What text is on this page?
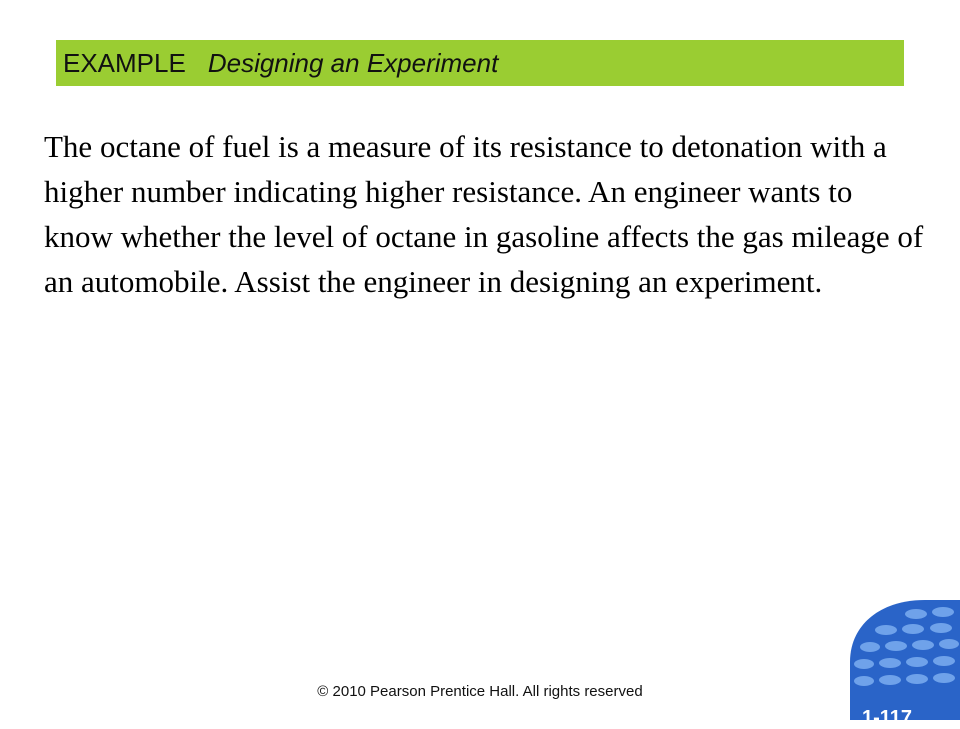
EXAMPLE Designing an Experiment

The octane of fuel is a measure of its resistance to detonation with a higher number indicating higher resistance. An engineer wants to know whether the level of octane in gasoline affects the gas mileage of an automobile. Assist the engineer in designing an experiment.

© 2010 Pearson Prentice Hall. All rights reserved
1-117
